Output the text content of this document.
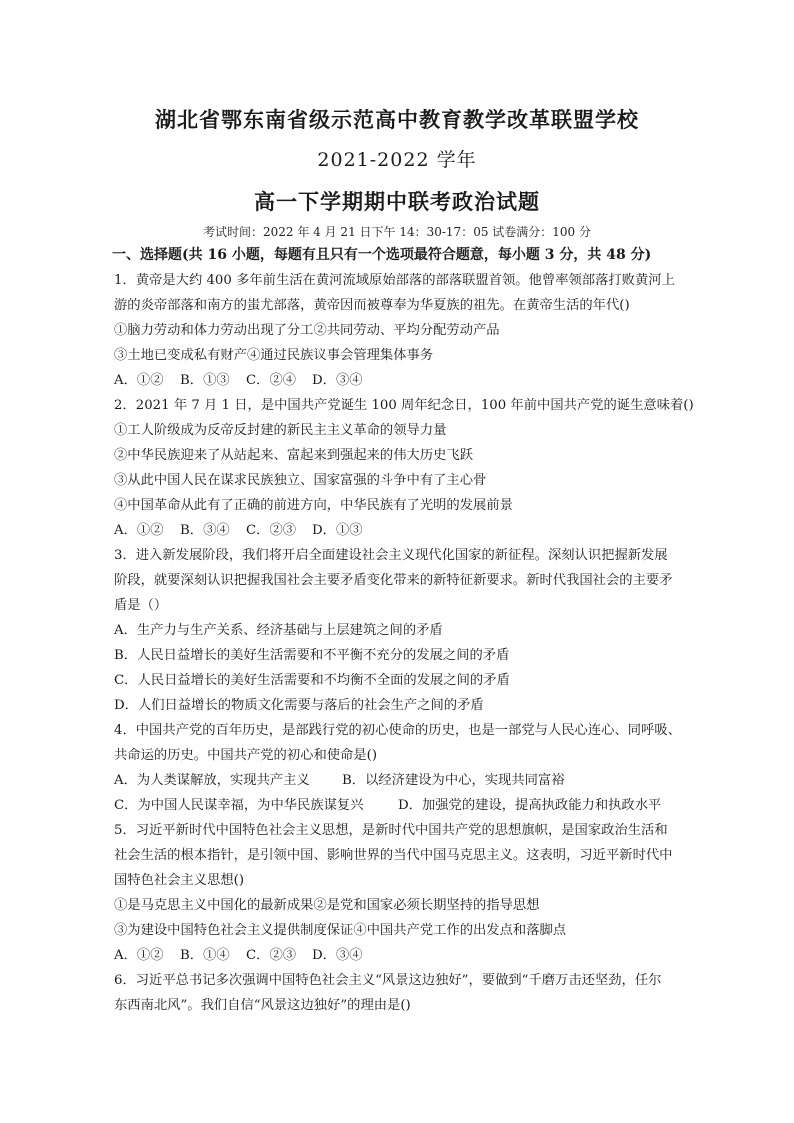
湖北省鄂东南省级示范高中教育教学改革联盟学校
2021-2022 学年
高一下学期期中联考政治试题
考试时间：2022 年 4 月 21 日下午 14：30-17：05 试卷满分：100 分
一、选择题(共 16 小题，每题有且只有一个选项最符合题意，每小题 3 分，共 48 分)
1．黄帝是大约 400 多年前生活在黄河流域原始部落的部落联盟首领。他曾率领部落打败黄河上
游的炎帝部落和南方的蚩尤部落，黄帝因而被尊奉为华夏族的祖先。在黄帝生活的年代()
①脑力劳动和体力劳动出现了分工②共同劳动、平均分配劳动产品
③土地已变成私有财产④通过民族议事会管理集体事务
A．①② B．①③ C．②④ D．③④
2．2021 年 7 月 1 日，是中国共产党诞生 100 周年纪念日，100 年前中国共产党的诞生意味着()
①工人阶级成为反帝反封建的新民主主义革命的领导力量
②中华民族迎来了从站起来、富起来到强起来的伟大历史飞跃
③从此中国人民在谋求民族独立、国家富强的斗争中有了主心骨
④中国革命从此有了正确的前进方向，中华民族有了光明的发展前景
A．①② B．③④ C．②③ D．①③
3．进入新发展阶段，我们将开启全面建设社会主义现代化国家的新征程。深刻认识把握新发展
阶段，就要深刻认识把握我国社会主要矛盾变化带来的新特征新要求。新时代我国社会的主要矛
盾是（）
A．生产力与生产关系、经济基础与上层建筑之间的矛盾
B．人民日益增长的美好生活需要和不平衡不充分的发展之间的矛盾
C．人民日益增长的美好生活需要和不均衡不全面的发展之间的矛盾
D．人们日益增长的物质文化需要与落后的社会生产之间的矛盾
4．中国共产党的百年历史，是部践行党的初心使命的历史，也是一部党与人民心连心、同呼吸、
共命运的历史。中国共产党的初心和使命是()
A．为人类谋解放，实现共产主义 B．以经济建设为中心，实现共同富裕
C．为中国人民谋幸福，为中华民族谋复兴	D．加强党的建设，提高执政能力和执政水平
5．习近平新时代中国特色社会主义思想，是新时代中国共产党的思想旗帜，是国家政治生活和
社会生活的根本指针，是引领中国、影响世界的当代中国马克思主义。这表明，习近平新时代中
国特色社会主义思想()
①是马克思主义中国化的最新成果②是党和国家必须长期坚持的指导思想
③为建设中国特色社会主义提供制度保证④中国共产党工作的出发点和落脚点
A．①② B．①④ C．②③ D．③④
6．习近平总书记多次强调中国特色社会主义“风景这边独好”，要做到“千磨万击还坚劲，任尔
东西南北风”。我们自信“风景这边独好”的理由是()
